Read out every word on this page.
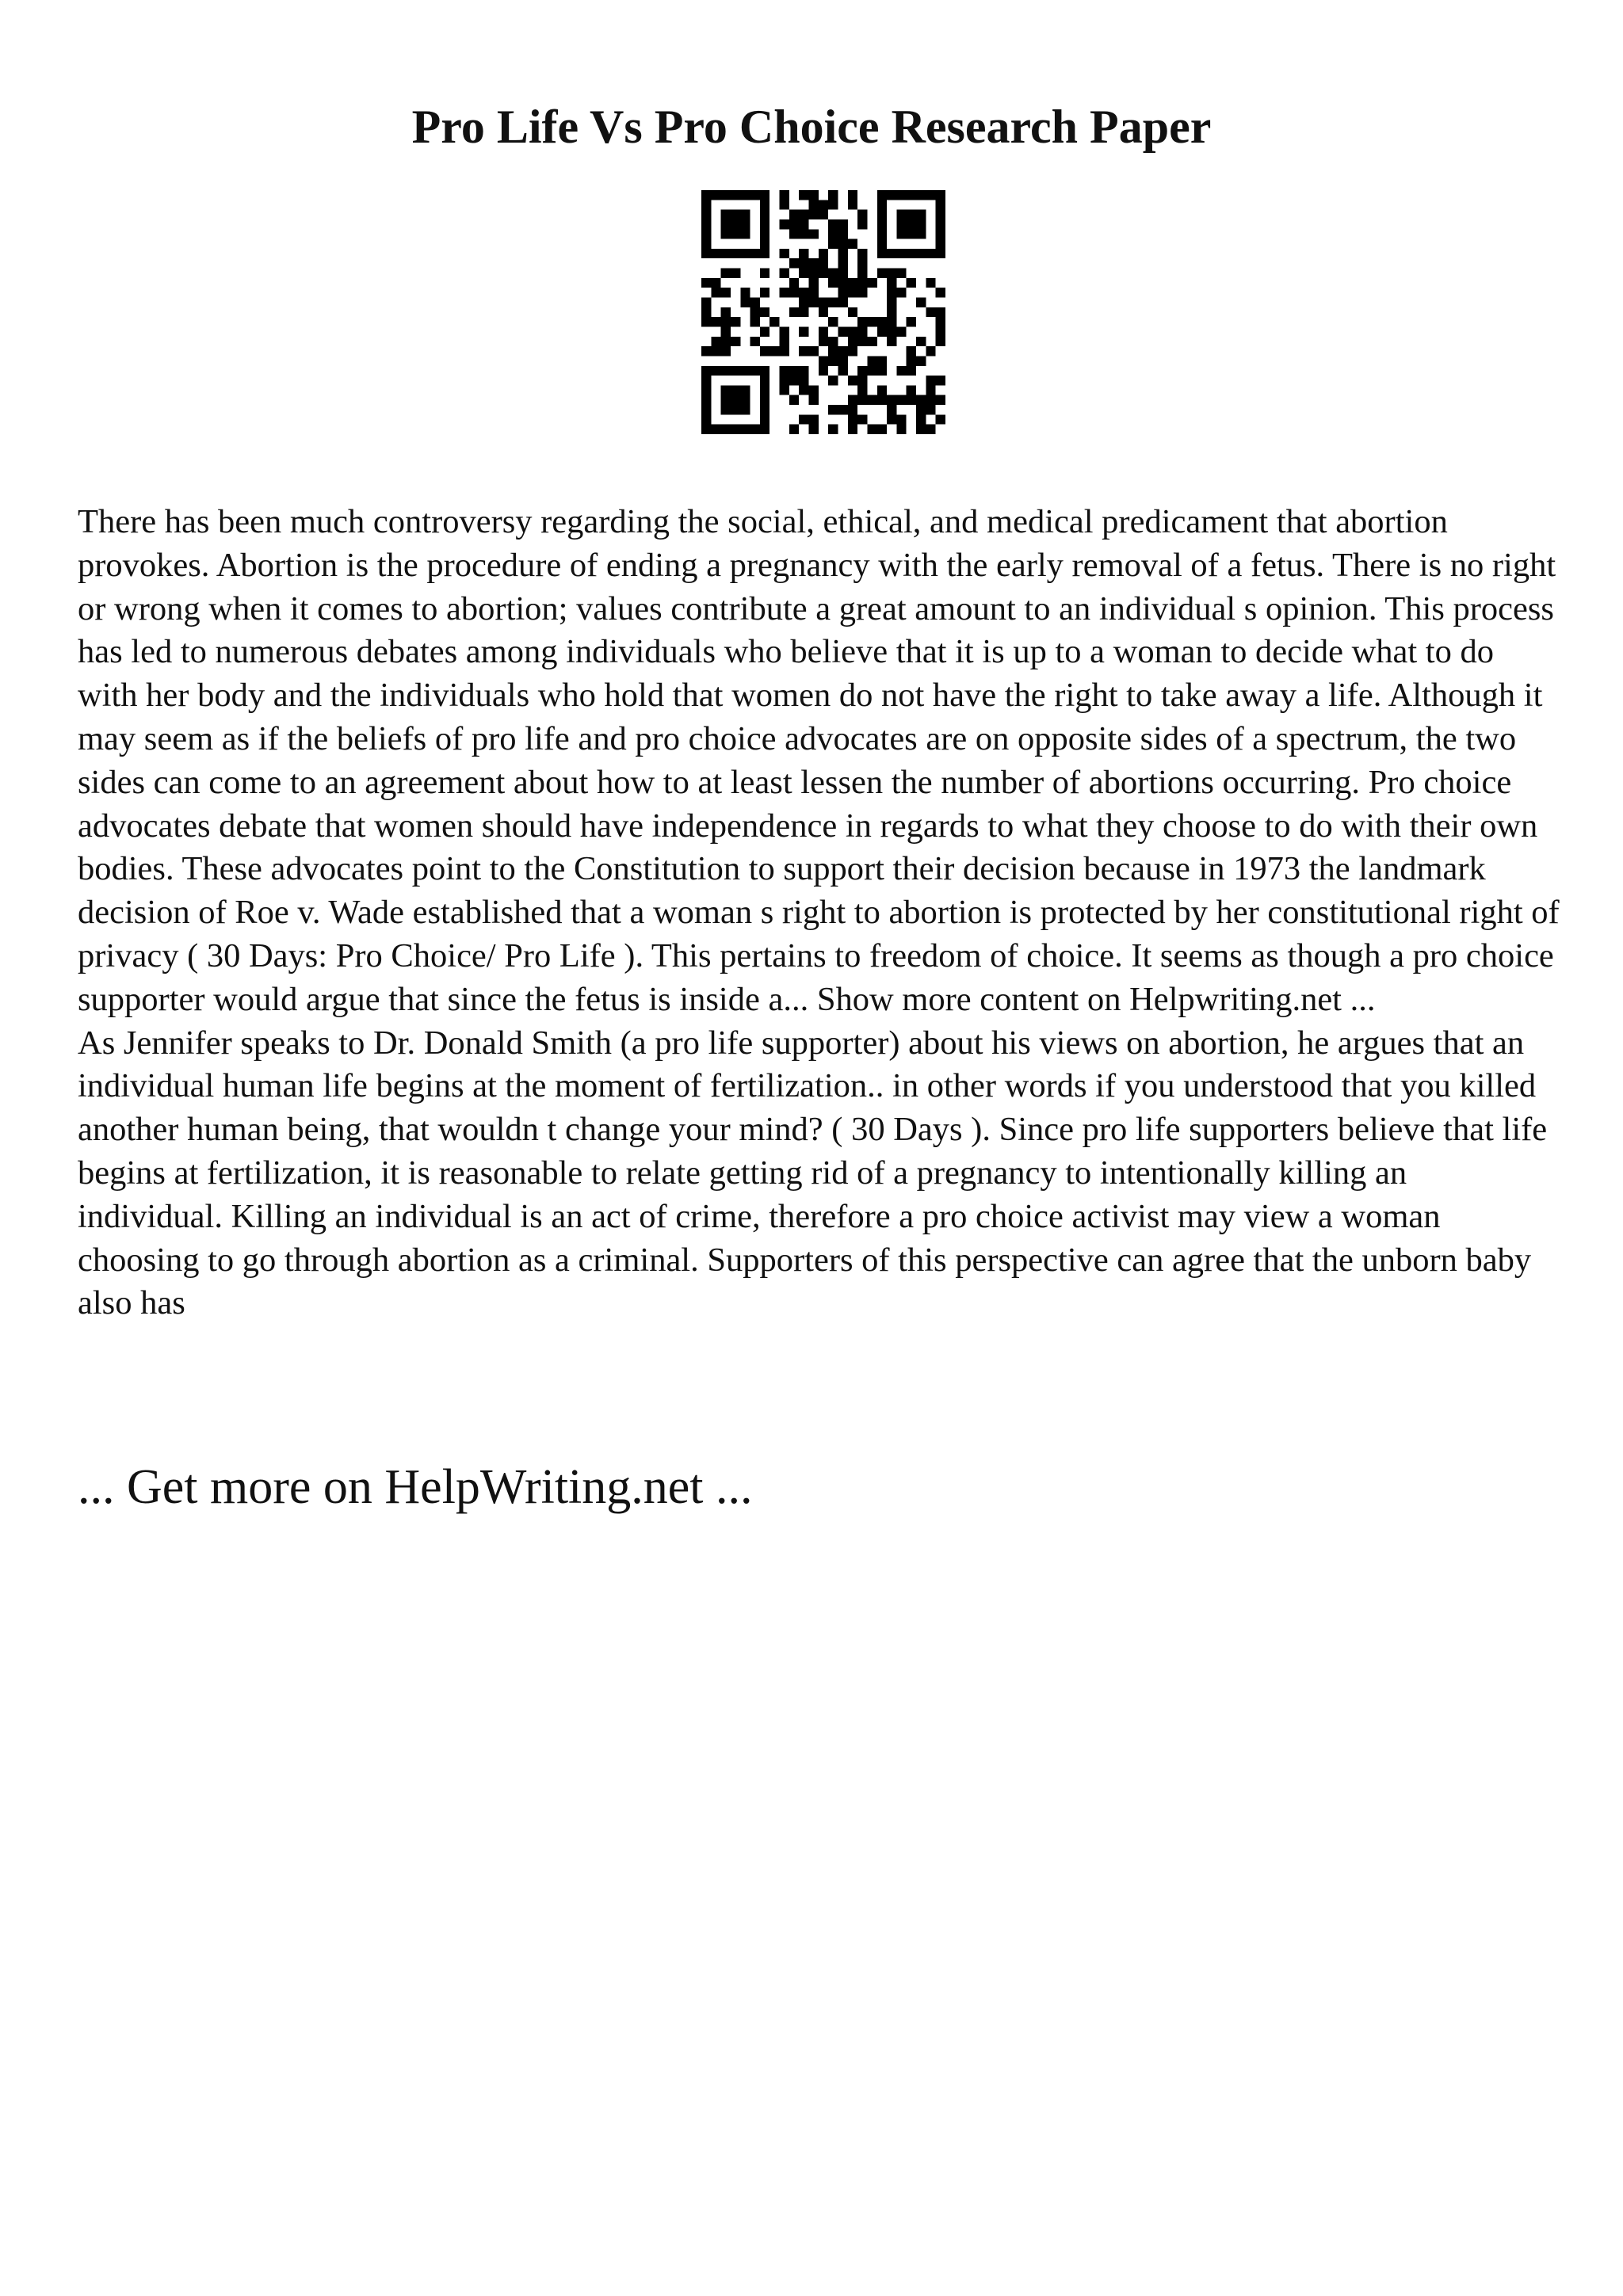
Pro Life Vs Pro Choice Research Paper

There has been much controversy regarding the social, ethical, and medical predicament that abortion provokes. Abortion is the procedure of ending a pregnancy with the early removal of a fetus. There is no right or wrong when it comes to abortion; values contribute a great amount to an individual s opinion. This process has led to numerous debates among individuals who believe that it is up to a woman to decide what to do with her body and the individuals who hold that women do not have the right to take away a life. Although it may seem as if the beliefs of pro life and pro choice advocates are on opposite sides of a spectrum, the two sides can come to an agreement about how to at least lessen the number of abortions occurring. Pro choice advocates debate that women should have independence in regards to what they choose to do with their own bodies. These advocates point to the Constitution to support their decision because in 1973 the landmark decision of Roe v. Wade established that a woman s right to abortion is protected by her constitutional right of privacy ( 30 Days: Pro Choice/ Pro Life ). This pertains to freedom of choice. It seems as though a pro choice supporter would argue that since the fetus is inside a... Show more content on Helpwriting.net ...

As Jennifer speaks to Dr. Donald Smith (a pro life supporter) about his views on abortion, he argues that an individual human life begins at the moment of fertilization.. in other words if you understood that you killed another human being, that wouldn t change your mind? ( 30 Days ). Since pro life supporters believe that life begins at fertilization, it is reasonable to relate getting rid of a pregnancy to intentionally killing an individual. Killing an individual is an act of crime, therefore a pro choice activist may view a woman choosing to go through abortion as a criminal. Supporters of this perspective can agree that the unborn baby also has

... Get more on HelpWriting.net ...
